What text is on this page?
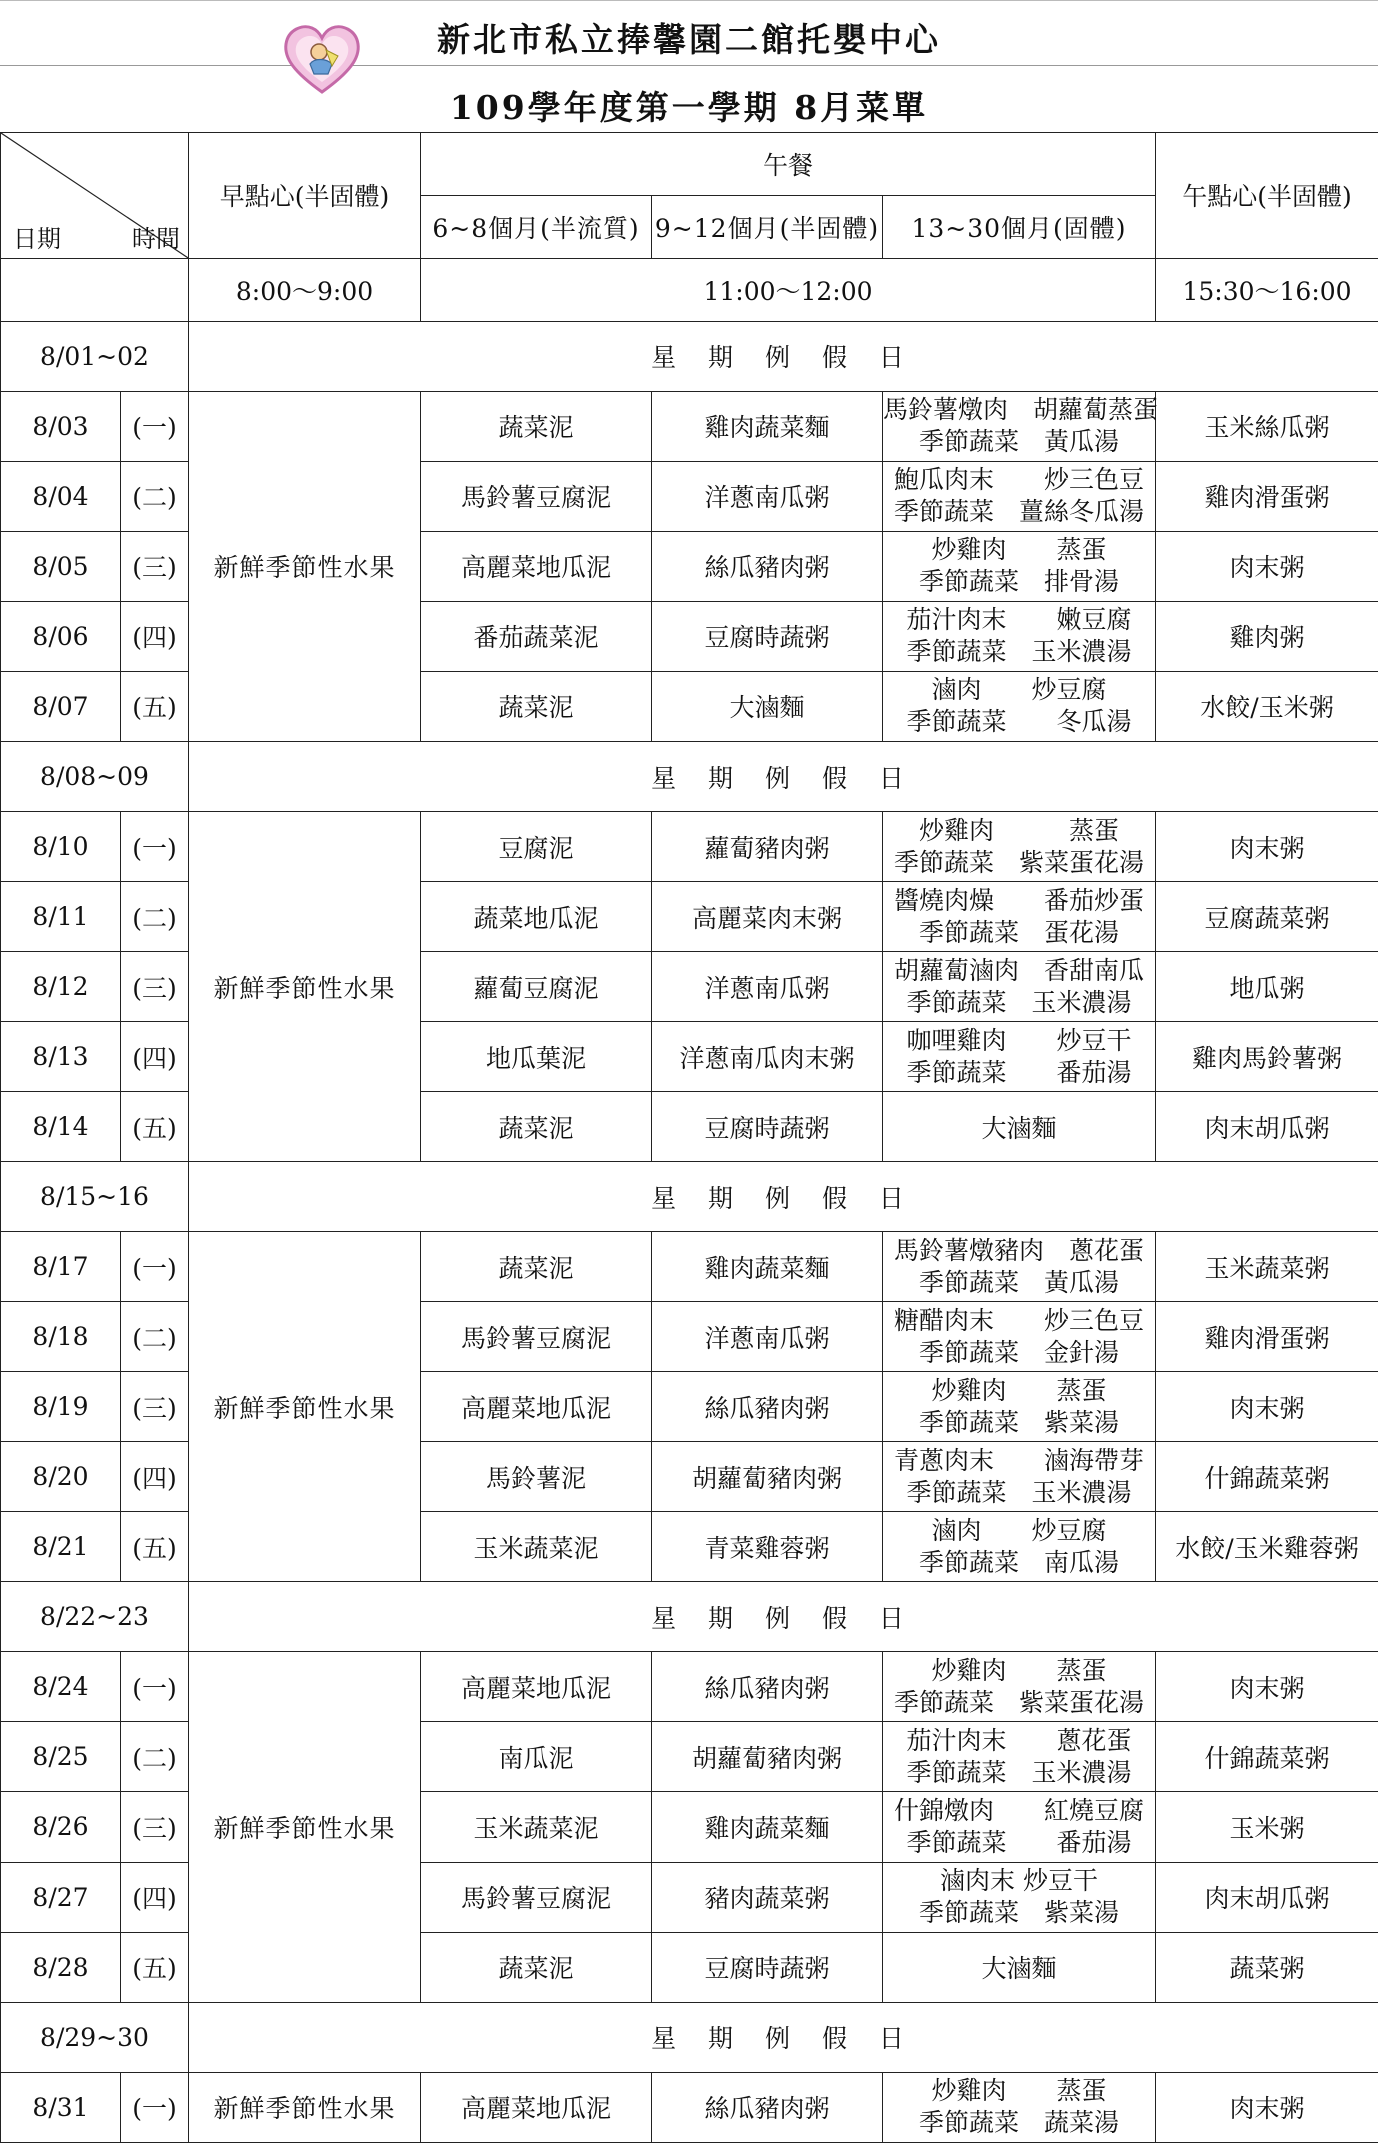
新北市私立捧馨園二館托嬰中心
109學年度第一學期 8月菜單
日期 時間		早點心(半固體)	午餐			午點心(半固體)
			6~8個月(半流質)	9~12個月(半固體)	13~30個月(固體)	
		8:00～9:00	11:00～12:00			15:30～16:00
8/01~02		星 期 例 假 日				
8/03	(一)	新鮮季節性水果	蔬菜泥	雞肉蔬菜麵	馬鈴薯燉肉　胡蘿蔔蒸蛋
季節蔬菜　黃瓜湯	玉米絲瓜粥
8/04	(二)		馬鈴薯豆腐泥	洋蔥南瓜粥	鮑瓜肉末　　炒三色豆
季節蔬菜　薑絲冬瓜湯	雞肉滑蛋粥
8/05	(三)		高麗菜地瓜泥	絲瓜豬肉粥	炒雞肉　　蒸蛋
季節蔬菜　排骨湯	肉末粥
8/06	(四)		番茄蔬菜泥	豆腐時蔬粥	茄汁肉末　　嫩豆腐
季節蔬菜　玉米濃湯	雞肉粥
8/07	(五)		蔬菜泥	大滷麵	滷肉　　炒豆腐
季節蔬菜　　冬瓜湯	水餃/玉米粥
8/08~09		星 期 例 假 日				
8/10	(一)	新鮮季節性水果	豆腐泥	蘿蔔豬肉粥	炒雞肉　　　蒸蛋
季節蔬菜　紫菜蛋花湯	肉末粥
8/11	(二)		蔬菜地瓜泥	高麗菜肉末粥	醬燒肉燥　　番茄炒蛋
季節蔬菜　蛋花湯	豆腐蔬菜粥
8/12	(三)		蘿蔔豆腐泥	洋蔥南瓜粥	胡蘿蔔滷肉　香甜南瓜
季節蔬菜　玉米濃湯	地瓜粥
8/13	(四)		地瓜葉泥	洋蔥南瓜肉末粥	咖哩雞肉　　炒豆干
季節蔬菜　　番茄湯	雞肉馬鈴薯粥
8/14	(五)		蔬菜泥	豆腐時蔬粥	大滷麵	肉末胡瓜粥
8/15~16		星 期 例 假 日				
8/17	(一)	新鮮季節性水果	蔬菜泥	雞肉蔬菜麵	馬鈴薯燉豬肉　蔥花蛋
季節蔬菜　黃瓜湯	玉米蔬菜粥
8/18	(二)		馬鈴薯豆腐泥	洋蔥南瓜粥	糖醋肉末　　炒三色豆
季節蔬菜　金針湯	雞肉滑蛋粥
8/19	(三)		高麗菜地瓜泥	絲瓜豬肉粥	炒雞肉　　蒸蛋
季節蔬菜　紫菜湯	肉末粥
8/20	(四)		馬鈴薯泥	胡蘿蔔豬肉粥	青蔥肉末　　滷海帶芽
季節蔬菜　玉米濃湯	什錦蔬菜粥
8/21	(五)		玉米蔬菜泥	青菜雞蓉粥	滷肉　　炒豆腐
季節蔬菜　南瓜湯	水餃/玉米雞蓉粥
8/22~23		星 期 例 假 日				
8/24	(一)	新鮮季節性水果	高麗菜地瓜泥	絲瓜豬肉粥	炒雞肉　　蒸蛋
季節蔬菜　紫菜蛋花湯	肉末粥
8/25	(二)		南瓜泥	胡蘿蔔豬肉粥	茄汁肉末　　蔥花蛋
季節蔬菜　玉米濃湯	什錦蔬菜粥
8/26	(三)		玉米蔬菜泥	雞肉蔬菜麵	什錦燉肉　　紅燒豆腐
季節蔬菜　　番茄湯	玉米粥
8/27	(四)		馬鈴薯豆腐泥	豬肉蔬菜粥	滷肉末 炒豆干
季節蔬菜　紫菜湯	肉末胡瓜粥
8/28	(五)		蔬菜泥	豆腐時蔬粥	大滷麵	蔬菜粥
8/29~30		星 期 例 假 日				
8/31	(一)	新鮮季節性水果	高麗菜地瓜泥	絲瓜豬肉粥	炒雞肉　　蒸蛋
季節蔬菜　蔬菜湯	肉末粥
